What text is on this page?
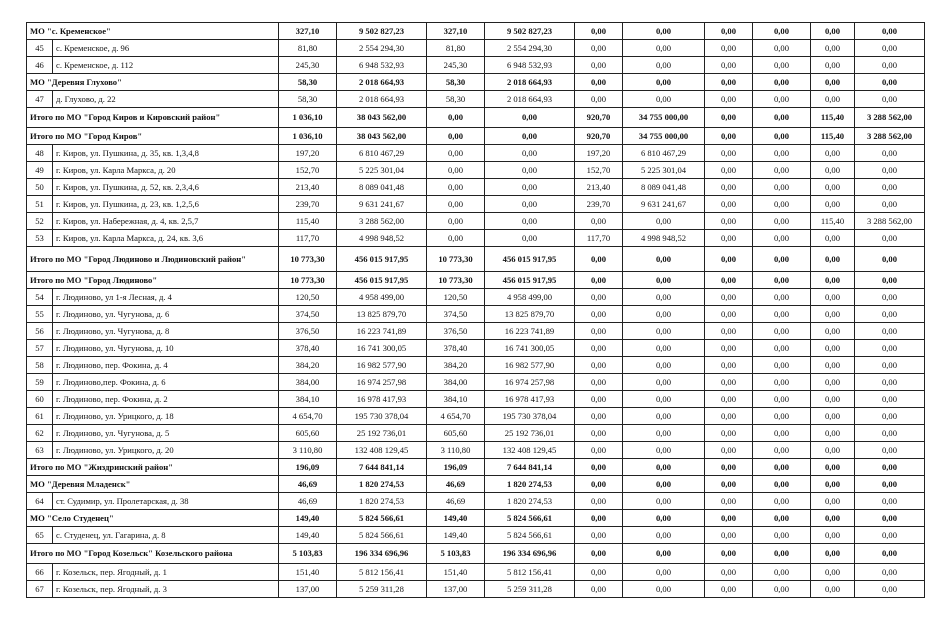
МО "с. Кременское"		327,10	9 502 827,23	327,10	9 502 827,23	0,00	0,00	0,00	0,00	0,00	0,00
45	с. Кременское, д. 96	81,80	2 554 294,30	81,80	2 554 294,30	0,00	0,00	0,00	0,00	0,00	0,00
46	с. Кременское, д. 112	245,30	6 948 532,93	245,30	6 948 532,93	0,00	0,00	0,00	0,00	0,00	0,00
МО "Деревня Глухово"		58,30	2 018 664,93	58,30	2 018 664,93	0,00	0,00	0,00	0,00	0,00	0,00
47	д. Глухово, д. 22	58,30	2 018 664,93	58,30	2 018 664,93	0,00	0,00	0,00	0,00	0,00	0,00
Итого по МО "Город Киров и Кировский район"		1 036,10	38 043 562,00	0,00	0,00	920,70	34 755 000,00	0,00	0,00	115,40	3 288 562,00
Итого по МО "Город Киров"		1 036,10	38 043 562,00	0,00	0,00	920,70	34 755 000,00	0,00	0,00	115,40	3 288 562,00
48	г. Киров, ул. Пушкина, д. 35, кв. 1,3,4,8	197,20	6 810 467,29	0,00	0,00	197,20	6 810 467,29	0,00	0,00	0,00	0,00
49	г. Киров, ул. Карла Маркса, д. 20	152,70	5 225 301,04	0,00	0,00	152,70	5 225 301,04	0,00	0,00	0,00	0,00
50	г. Киров, ул. Пушкина, д. 52, кв. 2,3,4,6	213,40	8 089 041,48	0,00	0,00	213,40	8 089 041,48	0,00	0,00	0,00	0,00
51	г. Киров, ул. Пушкина, д. 23, кв. 1,2,5,6	239,70	9 631 241,67	0,00	0,00	239,70	9 631 241,67	0,00	0,00	0,00	0,00
52	г. Киров, ул. Набережная, д. 4, кв. 2,5,7	115,40	3 288 562,00	0,00	0,00	0,00	0,00	0,00	0,00	115,40	3 288 562,00
53	г. Киров, ул. Карла Маркса, д. 24, кв. 3,6	117,70	4 998 948,52	0,00	0,00	117,70	4 998 948,52	0,00	0,00	0,00	0,00
Итого по МО "Город Людиново и Людиновский район"		10 773,30	456 015 917,95	10 773,30	456 015 917,95	0,00	0,00	0,00	0,00	0,00	0,00
Итого по МО "Город Людиново"		10 773,30	456 015 917,95	10 773,30	456 015 917,95	0,00	0,00	0,00	0,00	0,00	0,00
54	г. Людиново, ул 1-я Лесная, д. 4	120,50	4 958 499,00	120,50	4 958 499,00	0,00	0,00	0,00	0,00	0,00	0,00
55	г. Людиново, ул. Чугунова, д. 6	374,50	13 825 879,70	374,50	13 825 879,70	0,00	0,00	0,00	0,00	0,00	0,00
56	г. Людиново, ул. Чугунова, д. 8	376,50	16 223 741,89	376,50	16 223 741,89	0,00	0,00	0,00	0,00	0,00	0,00
57	г. Людиново, ул. Чугунова, д. 10	378,40	16 741 300,05	378,40	16 741 300,05	0,00	0,00	0,00	0,00	0,00	0,00
58	г. Людиново, пер. Фокина, д. 4	384,20	16 982 577,90	384,20	16 982 577,90	0,00	0,00	0,00	0,00	0,00	0,00
59	г. Людиново,пер. Фокина, д. 6	384,00	16 974 257,98	384,00	16 974 257,98	0,00	0,00	0,00	0,00	0,00	0,00
60	г. Людиново, пер. Фокина, д. 2	384,10	16 978 417,93	384,10	16 978 417,93	0,00	0,00	0,00	0,00	0,00	0,00
61	г. Людиново, ул. Урицкого, д. 18	4 654,70	195 730 378,04	4 654,70	195 730 378,04	0,00	0,00	0,00	0,00	0,00	0,00
62	г. Людиново, ул. Чугунова, д. 5	605,60	25 192 736,01	605,60	25 192 736,01	0,00	0,00	0,00	0,00	0,00	0,00
63	г. Людиново, ул. Урицкого, д. 20	3 110,80	132 408 129,45	3 110,80	132 408 129,45	0,00	0,00	0,00	0,00	0,00	0,00
Итого по МО "Жиздринский район"		196,09	7 644 841,14	196,09	7 644 841,14	0,00	0,00	0,00	0,00	0,00	0,00
МО "Деревня Младенск"		46,69	1 820 274,53	46,69	1 820 274,53	0,00	0,00	0,00	0,00	0,00	0,00
64	ст. Судимир, ул. Пролетарская, д. 38	46,69	1 820 274,53	46,69	1 820 274,53	0,00	0,00	0,00	0,00	0,00	0,00
МО "Село Студенец"		149,40	5 824 566,61	149,40	5 824 566,61	0,00	0,00	0,00	0,00	0,00	0,00
65	с. Студенец, ул. Гагарина, д. 8	149,40	5 824 566,61	149,40	5 824 566,61	0,00	0,00	0,00	0,00	0,00	0,00
Итого по МО "Город Козельск" Козельского района		5 103,83	196 334 696,96	5 103,83	196 334 696,96	0,00	0,00	0,00	0,00	0,00	0,00
66	г. Козельск, пер. Ягодный, д. 1	151,40	5 812 156,41	151,40	5 812 156,41	0,00	0,00	0,00	0,00	0,00	0,00
67	г. Козельск, пер. Ягодный, д. 3	137,00	5 259 311,28	137,00	5 259 311,28	0,00	0,00	0,00	0,00	0,00	0,00
